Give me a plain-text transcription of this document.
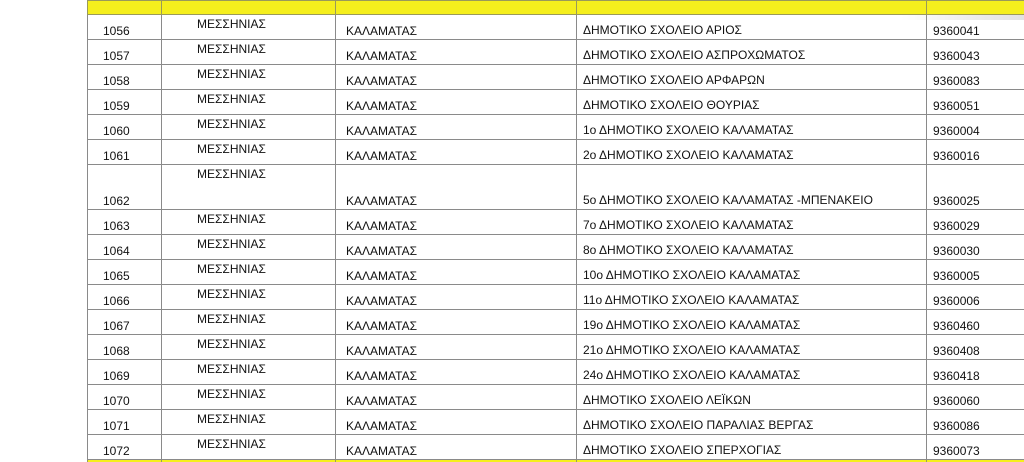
1056	ΜΕΣΣΗΝΙΑΣ	ΚΑΛΑΜΑΤΑΣ	ΔΗΜΟΤΙΚΟ ΣΧΟΛΕΙΟ ΑΡΙΟΣ	9360041
1057	ΜΕΣΣΗΝΙΑΣ	ΚΑΛΑΜΑΤΑΣ	ΔΗΜΟΤΙΚΟ ΣΧΟΛΕΙΟ ΑΣΠΡΟΧΩΜΑΤΟΣ	9360043
1058	ΜΕΣΣΗΝΙΑΣ	ΚΑΛΑΜΑΤΑΣ	ΔΗΜΟΤΙΚΟ ΣΧΟΛΕΙΟ ΑΡΦΑΡΩΝ	9360083
1059	ΜΕΣΣΗΝΙΑΣ	ΚΑΛΑΜΑΤΑΣ	ΔΗΜΟΤΙΚΟ ΣΧΟΛΕΙΟ ΘΟΥΡΙΑΣ	9360051
1060	ΜΕΣΣΗΝΙΑΣ	ΚΑΛΑΜΑΤΑΣ	1ο ΔΗΜΟΤΙΚΟ ΣΧΟΛΕΙΟ ΚΑΛΑΜΑΤΑΣ	9360004
1061	ΜΕΣΣΗΝΙΑΣ	ΚΑΛΑΜΑΤΑΣ	2ο ΔΗΜΟΤΙΚΟ ΣΧΟΛΕΙΟ ΚΑΛΑΜΑΤΑΣ	9360016
1062	ΜΕΣΣΗΝΙΑΣ	ΚΑΛΑΜΑΤΑΣ	5ο ΔΗΜΟΤΙΚΟ ΣΧΟΛΕΙΟ ΚΑΛΑΜΑΤΑΣ -ΜΠΕΝΑΚΕΙΟ	9360025
1063	ΜΕΣΣΗΝΙΑΣ	ΚΑΛΑΜΑΤΑΣ	7ο ΔΗΜΟΤΙΚΟ ΣΧΟΛΕΙΟ ΚΑΛΑΜΑΤΑΣ	9360029
1064	ΜΕΣΣΗΝΙΑΣ	ΚΑΛΑΜΑΤΑΣ	8ο ΔΗΜΟΤΙΚΟ ΣΧΟΛΕΙΟ ΚΑΛΑΜΑΤΑΣ	9360030
1065	ΜΕΣΣΗΝΙΑΣ	ΚΑΛΑΜΑΤΑΣ	10ο ΔΗΜΟΤΙΚΟ ΣΧΟΛΕΙΟ ΚΑΛΑΜΑΤΑΣ	9360005
1066	ΜΕΣΣΗΝΙΑΣ	ΚΑΛΑΜΑΤΑΣ	11ο ΔΗΜΟΤΙΚΟ ΣΧΟΛΕΙΟ ΚΑΛΑΜΑΤΑΣ	9360006
1067	ΜΕΣΣΗΝΙΑΣ	ΚΑΛΑΜΑΤΑΣ	19ο ΔΗΜΟΤΙΚΟ ΣΧΟΛΕΙΟ ΚΑΛΑΜΑΤΑΣ	9360460
1068	ΜΕΣΣΗΝΙΑΣ	ΚΑΛΑΜΑΤΑΣ	21ο ΔΗΜΟΤΙΚΟ ΣΧΟΛΕΙΟ ΚΑΛΑΜΑΤΑΣ	9360408
1069	ΜΕΣΣΗΝΙΑΣ	ΚΑΛΑΜΑΤΑΣ	24ο ΔΗΜΟΤΙΚΟ ΣΧΟΛΕΙΟ ΚΑΛΑΜΑΤΑΣ	9360418
1070	ΜΕΣΣΗΝΙΑΣ	ΚΑΛΑΜΑΤΑΣ	ΔΗΜΟΤΙΚΟ ΣΧΟΛΕΙΟ ΛΕΪΚΩΝ	9360060
1071	ΜΕΣΣΗΝΙΑΣ	ΚΑΛΑΜΑΤΑΣ	ΔΗΜΟΤΙΚΟ ΣΧΟΛΕΙΟ ΠΑΡΑΛΙΑΣ ΒΕΡΓΑΣ	9360086
1072	ΜΕΣΣΗΝΙΑΣ	ΚΑΛΑΜΑΤΑΣ	ΔΗΜΟΤΙΚΟ ΣΧΟΛΕΙΟ ΣΠΕΡΧΟΓΙΑΣ	9360073
